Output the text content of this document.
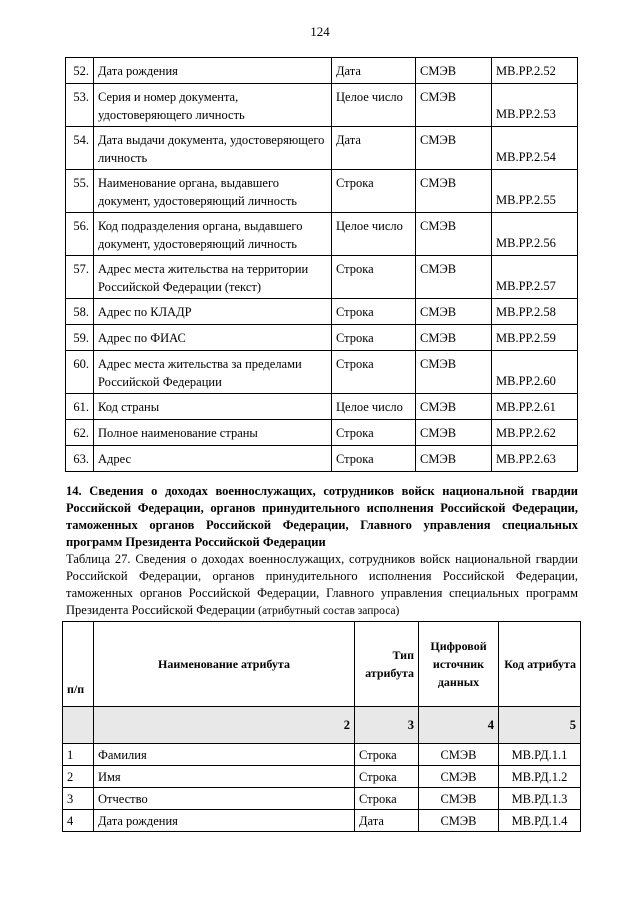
124
52.	Дата рождения	Дата	СМЭВ	МВ.РР.2.52
53.	Серия и номер документа, удостоверяющего личность	Целое число	СМЭВ	МВ.РР.2.53
54.	Дата выдачи документа, удостоверяющего личность	Дата	СМЭВ	МВ.РР.2.54
55.	Наименование органа, выдавшего документ, удостоверяющий личность	Строка	СМЭВ	МВ.РР.2.55
56.	Код подразделения органа, выдавшего документ, удостоверяющий личность	Целое число	СМЭВ	МВ.РР.2.56
57.	Адрес места жительства на территории Российской Федерации (текст)	Строка	СМЭВ	МВ.РР.2.57
58.	Адрес по КЛАДР	Строка	СМЭВ	МВ.РР.2.58
59.	Адрес по ФИАС	Строка	СМЭВ	МВ.РР.2.59
60.	Адрес места жительства за пределами Российской Федерации	Строка	СМЭВ	МВ.РР.2.60
61.	Код страны	Целое число	СМЭВ	МВ.РР.2.61
62.	Полное наименование страны	Строка	СМЭВ	МВ.РР.2.62
63.	Адрес	Строка	СМЭВ	МВ.РР.2.63
14. Сведения о доходах военнослужащих, сотрудников войск национальной гвардии Российской Федерации, органов принудительного исполнения Российской Федерации, таможенных органов Российской Федерации, Главного управления специальных программ Президента Российской Федерации
Таблица 27. Сведения о доходах военнослужащих, сотрудников войск национальной гвардии Российской Федерации, органов принудительного исполнения Российской Федерации, таможенных органов Российской Федерации, Главного управления специальных программ Президента Российской Федерации (атрибутный состав запроса)
п/п	Наименование атрибута	Тип атрибута	Цифровой источник данных	Код атрибута
	2	3	4	5
1	Фамилия	Строка	СМЭВ	МВ.РД.1.1
2	Имя	Строка	СМЭВ	МВ.РД.1.2
3	Отчество	Строка	СМЭВ	МВ.РД.1.3
4	Дата рождения	Дата	СМЭВ	МВ.РД.1.4
